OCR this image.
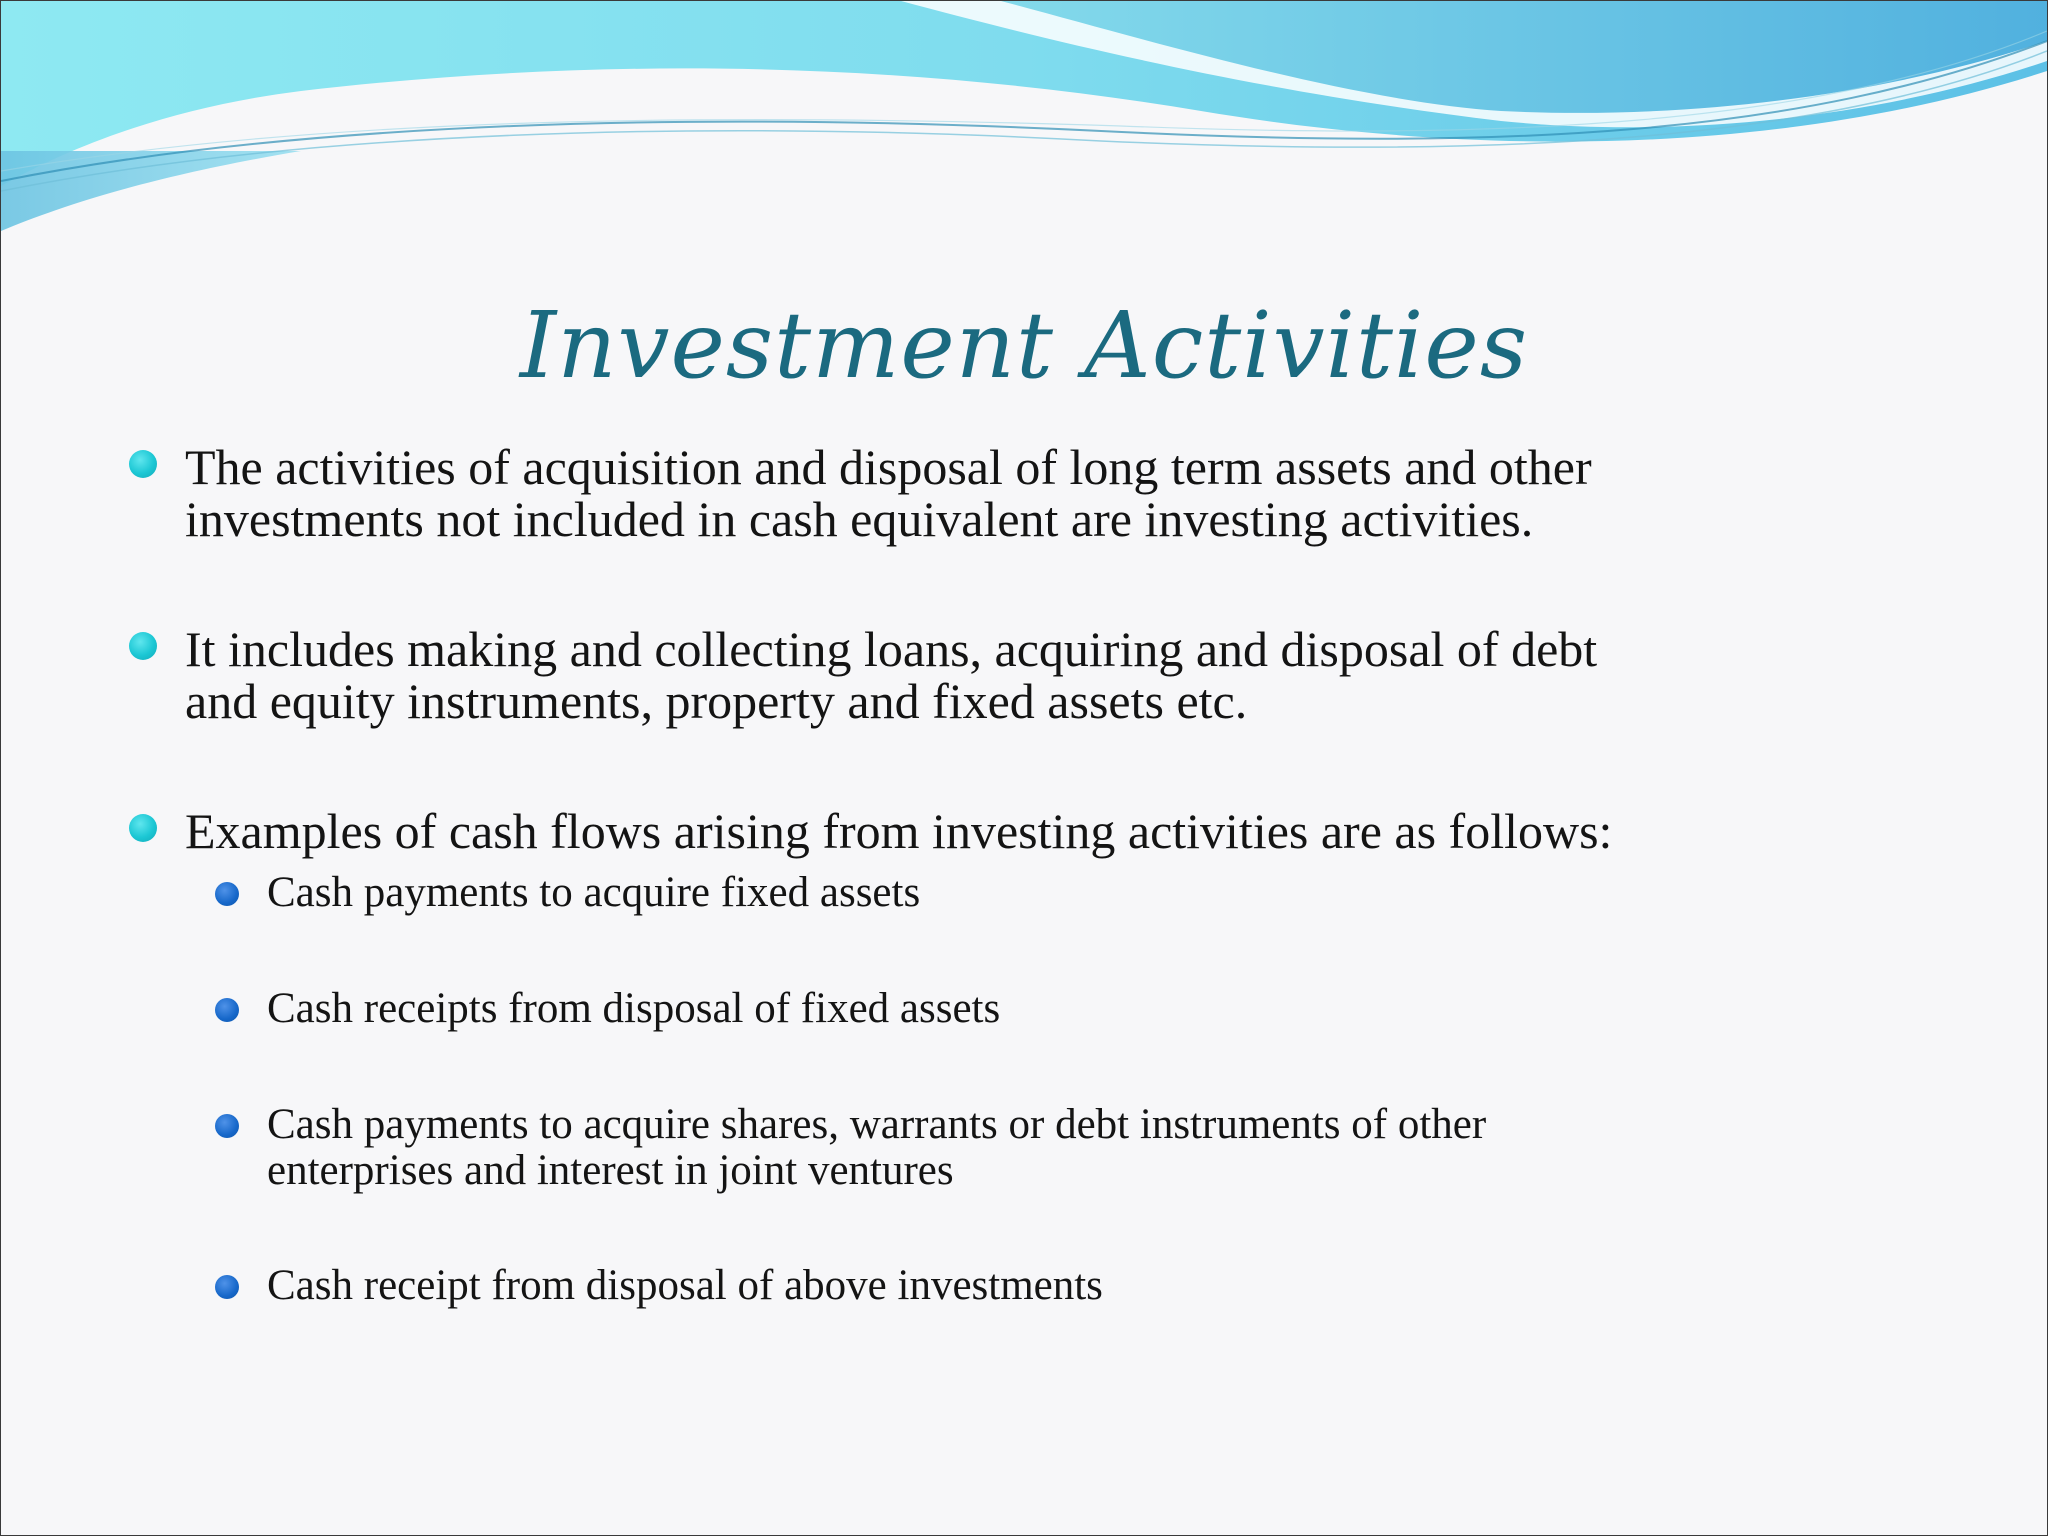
Investment Activities
The activities of acquisition and disposal of long term assets and other
investments not included in cash equivalent are investing activities.
It includes making and collecting loans, acquiring and disposal of debt
and equity instruments, property and fixed assets etc.
Examples of cash flows arising from investing activities are as follows:
Cash payments to acquire fixed assets
Cash receipts from disposal of fixed assets
Cash payments to acquire shares, warrants or debt instruments of other
enterprises and interest in joint ventures
Cash receipt from disposal of above investments
